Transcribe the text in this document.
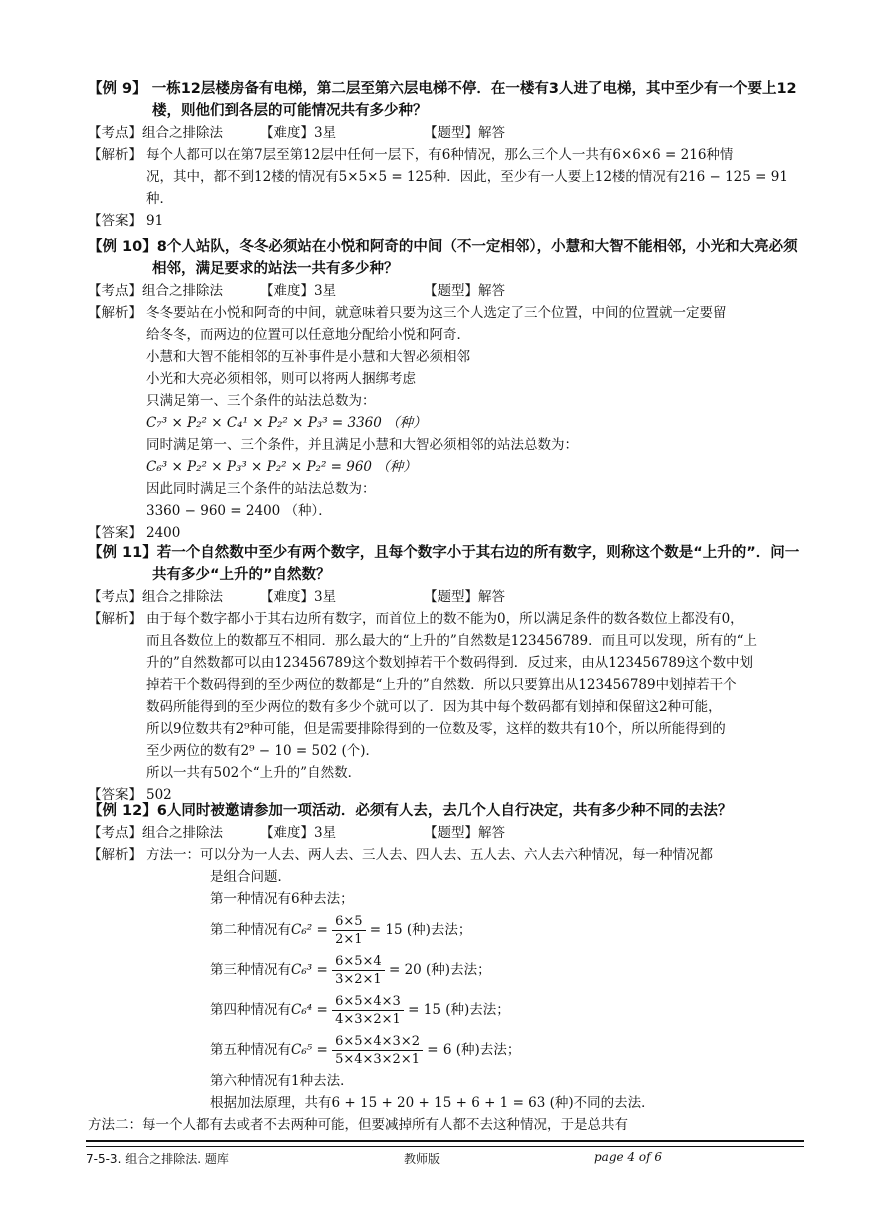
【例 9】 一栋12层楼房备有电梯，第二层至第六层电梯不停．在一楼有3人进了电梯，其中至少有一个要上12楼，则他们到各层的可能情况共有多少种？
【考点】组合之排除法	【难度】3星	【题型】解答
【解析】 每个人都可以在第7层至第12层中任何一层下，有6种情况，那么三个人一共有6×6×6 = 216种情
况，其中，都不到12楼的情况有5×5×5 = 125种．因此，至少有一人要上12楼的情况有216 − 125 = 91
种．
【答案】 91
【例 10】8个人站队，冬冬必须站在小悦和阿奇的中间（不一定相邻），小慧和大智不能相邻，小光和大亮必须相邻，满足要求的站法一共有多少种？
【考点】组合之排除法	【难度】3星	【题型】解答
【解析】 冬冬要站在小悦和阿奇的中间，就意味着只要为这三个人选定了三个位置，中间的位置就一定要留
给冬冬，而两边的位置可以任意地分配给小悦和阿奇．
小慧和大智不能相邻的互补事件是小慧和大智必须相邻
小光和大亮必须相邻，则可以将两人捆绑考虑
只满足第一、三个条件的站法总数为：
C₇³ × P₂² × C₄¹ × P₂² × P₃³ = 3360 （种）
同时满足第一、三个条件，并且满足小慧和大智必须相邻的站法总数为：
C₆³ × P₂² × P₃³ × P₂² × P₂² = 960 （种）
因此同时满足三个条件的站法总数为：
3360 − 960 = 2400 （种）．
【答案】 2400
【例 11】若一个自然数中至少有两个数字，且每个数字小于其右边的所有数字，则称这个数是“上升的”．问一共有多少“上升的”自然数？
【考点】组合之排除法	【难度】3星	【题型】解答
【解析】 由于每个数字都小于其右边所有数字，而首位上的数不能为0，所以满足条件的数各数位上都没有0，
而且各数位上的数都互不相同．那么最大的“上升的”自然数是123456789．而且可以发现，所有的“上
升的”自然数都可以由123456789这个数划掉若干个数码得到．反过来，由从123456789这个数中划
掉若干个数码得到的至少两位的数都是“上升的”自然数．所以只要算出从123456789中划掉若干个
数码所能得到的至少两位的数有多少个就可以了．因为其中每个数码都有划掉和保留这2种可能，
所以9位数共有2⁹种可能，但是需要排除得到的一位数及零，这样的数共有10个，所以所能得到的
至少两位的数有2⁹ − 10 = 502 (个)．
所以一共有502个“上升的”自然数．
【答案】 502
【例 12】6人同时被邀请参加一项活动．必须有人去，去几个人自行决定，共有多少种不同的去法？
【考点】组合之排除法	【难度】3星	【题型】解答
【解析】 方法一：可以分为一人去、两人去、三人去、四人去、五人去、六人去六种情况，每一种情况都
是组合问题．
第一种情况有6种去法；
第二种情况有$C_6^2 = \frac{6\times 5}{2\times 1} = 15$ (种)去法；
第三种情况有$C_6^3 = \frac{6\times 5\times 4}{3\times 2\times 1} = 20$ (种)去法；
第四种情况有$C_6^4 = \frac{6\times 5\times 4\times 3}{4\times 3\times 2\times 1} = 15$ (种)去法；
第五种情况有$C_6^5 = \frac{6\times 5\times 4\times 3\times 2}{5\times 4\times 3\times 2\times 1} = 6$ (种)去法；
第六种情况有1种去法．
根据加法原理，共有6 + 15 + 20 + 15 + 6 + 1 = 63 (种)不同的去法．
方法二：每一个人都有去或者不去两种可能，但要减掉所有人都不去这种情况，于是总共有
7-5-3. 组合之排除法. 题库	教师版	page 4 of 6
